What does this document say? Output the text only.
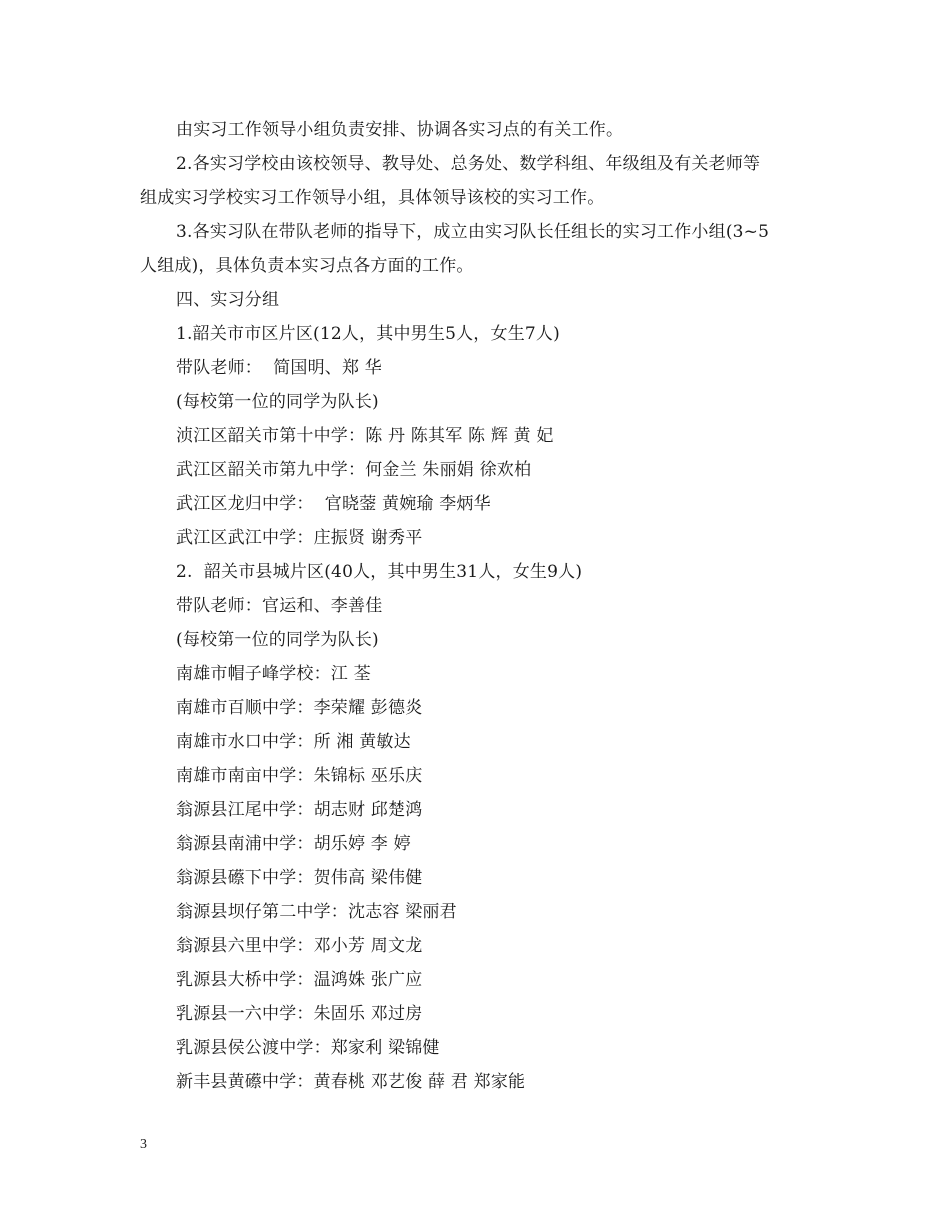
由实习工作领导小组负责安排、协调各实习点的有关工作。
2.各实习学校由该校领导、教导处、总务处、数学科组、年级组及有关老师等
组成实习学校实习工作领导小组，具体领导该校的实习工作。
3.各实习队在带队老师的指导下，成立由实习队长任组长的实习工作小组(3~5
人组成)，具体负责本实习点各方面的工作。
四、实习分组
1.韶关市市区片区(12人，其中男生5人，女生7人)
带队老师：  简国明、郑 华
(每校第一位的同学为队长)
浈江区韶关市第十中学：陈 丹 陈其军 陈 辉 黄 妃
武江区韶关市第九中学：何金兰 朱丽娟 徐欢柏
武江区龙归中学：  官晓蓥 黄婉瑜 李炳华
武江区武江中学：庄振贤 谢秀平
2.  韶关市县城片区(40人，其中男生31人，女生9人)
带队老师：官运和、李善佳
(每校第一位的同学为队长)
南雄市帽子峰学校：江 荃
南雄市百顺中学：李荣耀 彭德炎
南雄市水口中学：所 湘 黄敏达
南雄市南亩中学：朱锦标 巫乐庆
翁源县江尾中学：胡志财 邱楚鸿
翁源县南浦中学：胡乐婷 李 婷
翁源县礤下中学：贺伟高 梁伟健
翁源县坝仔第二中学：沈志容 梁丽君
翁源县六里中学：邓小芳 周文龙
乳源县大桥中学：温鸿姝 张广应
乳源县一六中学：朱固乐 邓过房
乳源县侯公渡中学：郑家利 梁锦健
新丰县黄礤中学：黄春桃 邓艺俊 薛 君 郑家能
3
